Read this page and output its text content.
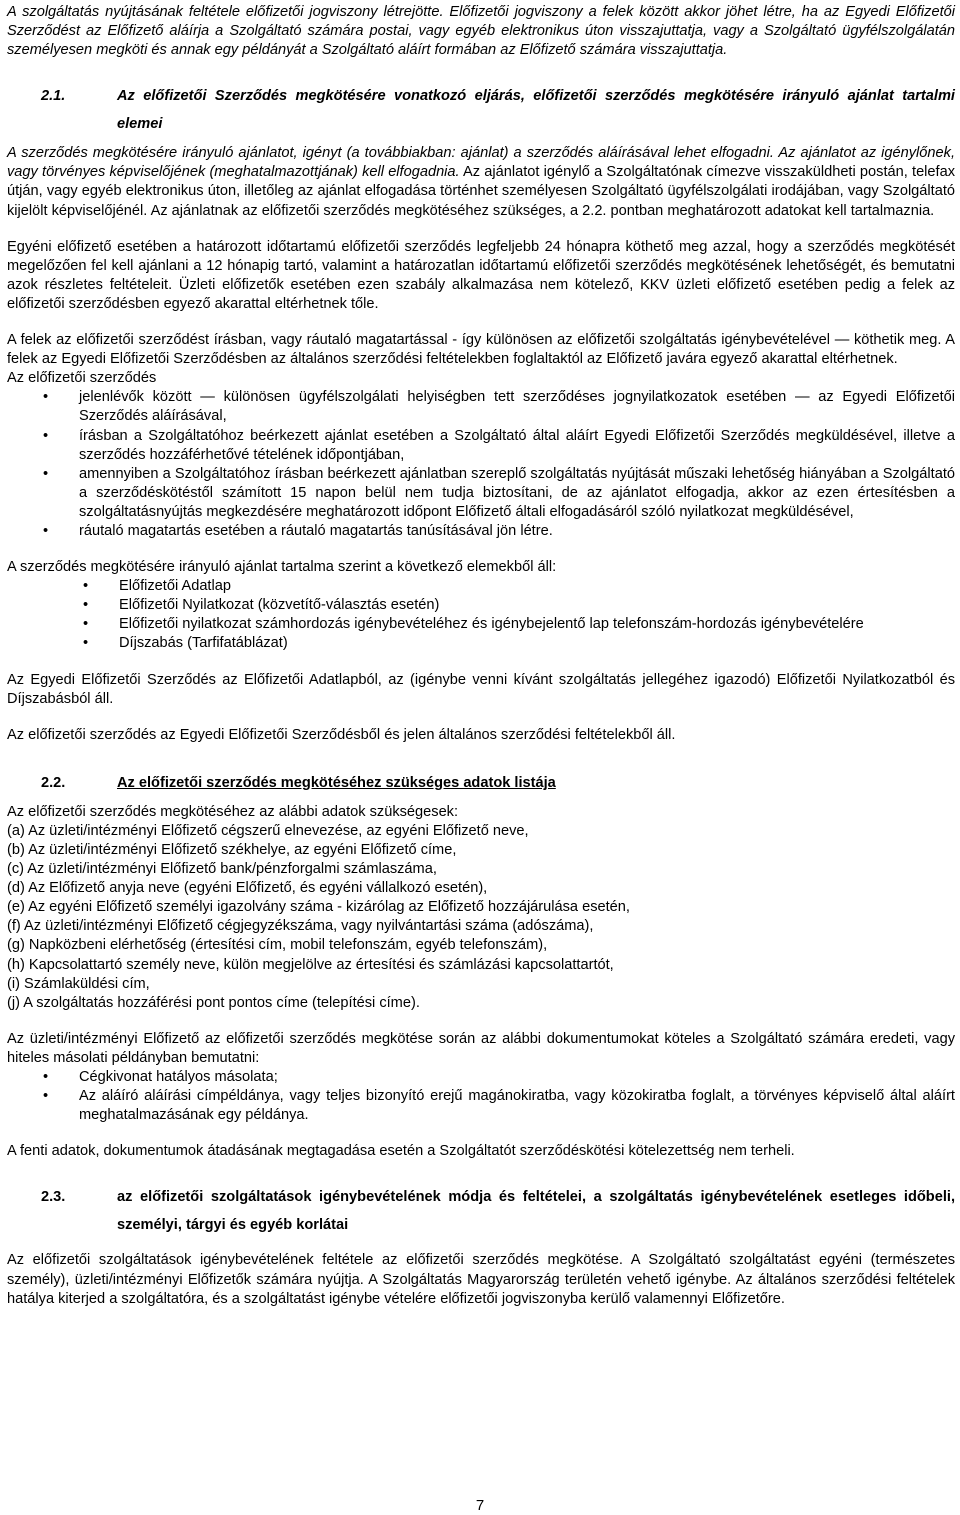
A szolgáltatás nyújtásának feltétele előfizetői jogviszony létrejötte. Előfizetői jogviszony a felek között akkor jöhet létre, ha az Egyedi Előfizetői Szerződést az Előfizető aláírja a Szolgáltató számára postai, vagy egyéb elektronikus úton visszajuttatja, vagy a Szolgáltató ügyfélszolgálatán személyesen megköti és annak egy példányát a Szolgáltató aláírt formában az Előfizető számára visszajuttatja.

2.1.	Az előfizetői Szerződés megkötésére vonatkozó eljárás, előfizetői szerződés megkötésére irányuló ajánlat tartalmi elemei

A szerződés megkötésére irányuló ajánlatot, igényt (a továbbiakban: ajánlat) a szerződés aláírásával lehet elfogadni. Az ajánlatot az igénylőnek, vagy törvényes képviselőjének (meghatalmazottjának) kell elfogadnia. Az ajánlatot igénylő a Szolgáltatónak címezve visszaküldheti postán, telefax útján, vagy egyéb elektronikus úton, illetőleg az ajánlat elfogadása történhet személyesen Szolgáltató ügyfélszolgálati irodájában, vagy Szolgáltató kijelölt képviselőjénél. Az ajánlatnak az előfizetői szerződés megkötéséhez szükséges, a 2.2. pontban meghatározott adatokat kell tartalmaznia.

Egyéni előfizető esetében a határozott időtartamú előfizetői szerződés legfeljebb 24 hónapra köthető meg azzal, hogy a szerződés megkötését megelőzően fel kell ajánlani a 12 hónapig tartó, valamint a határozatlan időtartamú előfizetői szerződés megkötésének lehetőségét, és bemutatni azok részletes feltételeit. Üzleti előfizetők esetében ezen szabály alkalmazása nem kötelező, KKV üzleti előfizető esetében pedig a felek az előfizetői szerződésben egyező akarattal eltérhetnek tőle.

A felek az előfizetői szerződést írásban, vagy ráutaló magatartással - így különösen az előfizetői szolgáltatás igénybevételével — köthetik meg. A felek az Egyedi Előfizetői Szerződésben az általános szerződési feltételekben foglaltaktól az Előfizető javára egyező akarattal eltérhetnek.

Az előfizetői szerződés

•	jelenlévők között — különösen ügyfélszolgálati helyiségben tett szerződéses jognyilatkozatok esetében — az Egyedi Előfizetői Szerződés aláírásával,
•	írásban a Szolgáltatóhoz beérkezett ajánlat esetében a Szolgáltató által aláírt Egyedi Előfizetői Szerződés megküldésével, illetve a szerződés hozzáférhetővé tételének időpontjában,
•	amennyiben a Szolgáltatóhoz írásban beérkezett ajánlatban szereplő szolgáltatás nyújtását műszaki lehetőség hiányában a Szolgáltató a szerződéskötéstől számított 15 napon belül nem tudja biztosítani, de az ajánlatot elfogadja, akkor az ezen értesítésben a szolgáltatásnyújtás megkezdésére meghatározott időpont Előfizető általi elfogadásáról szóló nyilatkozat megküldésével,
•	ráutaló magatartás esetében a ráutaló magatartás tanúsításával jön létre.

A szerződés megkötésére irányuló ajánlat tartalma szerint a következő elemekből áll:

•	Előfizetői Adatlap
•	Előfizetői Nyilatkozat (közvetítő-választás esetén)
•	Előfizetői nyilatkozat számhordozás igénybevételéhez és igénybejelentő lap telefonszám-hordozás igénybevételére
•	Díjszabás (Tarfifatáblázat)

Az Egyedi Előfizetői Szerződés az Előfizetői Adatlapból, az (igénybe venni kívánt szolgáltatás jellegéhez igazodó) Előfizetői Nyilatkozatból és Díjszabásból áll.

Az előfizetői szerződés az Egyedi Előfizetői Szerződésből és jelen általános szerződési feltételekből áll.

2.2.	Az előfizetői szerződés megkötéséhez szükséges adatok listája

Az előfizetői szerződés megkötéséhez az alábbi adatok szükségesek:

(a) Az üzleti/intézményi Előfizető cégszerű elnevezése, az egyéni Előfizető neve,

(b) Az üzleti/intézményi Előfizető székhelye, az egyéni Előfizető címe,

(c) Az üzleti/intézményi Előfizető bank/pénzforgalmi számlaszáma,

(d) Az Előfizető anyja neve (egyéni Előfizető, és egyéni vállalkozó esetén),

(e) Az egyéni Előfizető személyi igazolvány száma - kizárólag az Előfizető hozzájárulása esetén,

(f) Az üzleti/intézményi Előfizető cégjegyzékszáma, vagy nyilvántartási száma (adószáma),

(g) Napközbeni elérhetőség (értesítési cím, mobil telefonszám, egyéb telefonszám),

(h) Kapcsolattartó személy neve, külön megjelölve az értesítési és számlázási kapcsolattartót,

(i) Számlaküldési cím,

(j) A szolgáltatás hozzáférési pont pontos címe (telepítési címe).

Az üzleti/intézményi Előfizető az előfizetői szerződés megkötése során az alábbi dokumentumokat köteles a Szolgáltató számára eredeti, vagy hiteles másolati példányban bemutatni:

•	Cégkivonat hatályos másolata;
•	Az aláíró aláírási címpéldánya, vagy teljes bizonyító erejű magánokiratba, vagy közokiratba foglalt, a törvényes képviselő által aláírt meghatalmazásának egy példánya.

A fenti adatok, dokumentumok átadásának megtagadása esetén a Szolgáltatót szerződéskötési kötelezettség nem terheli.

2.3.	az előfizetői szolgáltatások igénybevételének módja és feltételei, a szolgáltatás igénybevételének esetleges időbeli, személyi, tárgyi és egyéb korlátai

Az előfizetői szolgáltatások igénybevételének feltétele az előfizetői szerződés megkötése. A Szolgáltató szolgáltatást egyéni (természetes személy), üzleti/intézményi Előfizetők számára nyújtja. A Szolgáltatás Magyarország területén vehető igénybe. Az általános szerződési feltételek hatálya kiterjed a szolgáltatóra, és a szolgáltatást igénybe vételére előfizetői jogviszonyba kerülő valamennyi Előfizetőre.

7
